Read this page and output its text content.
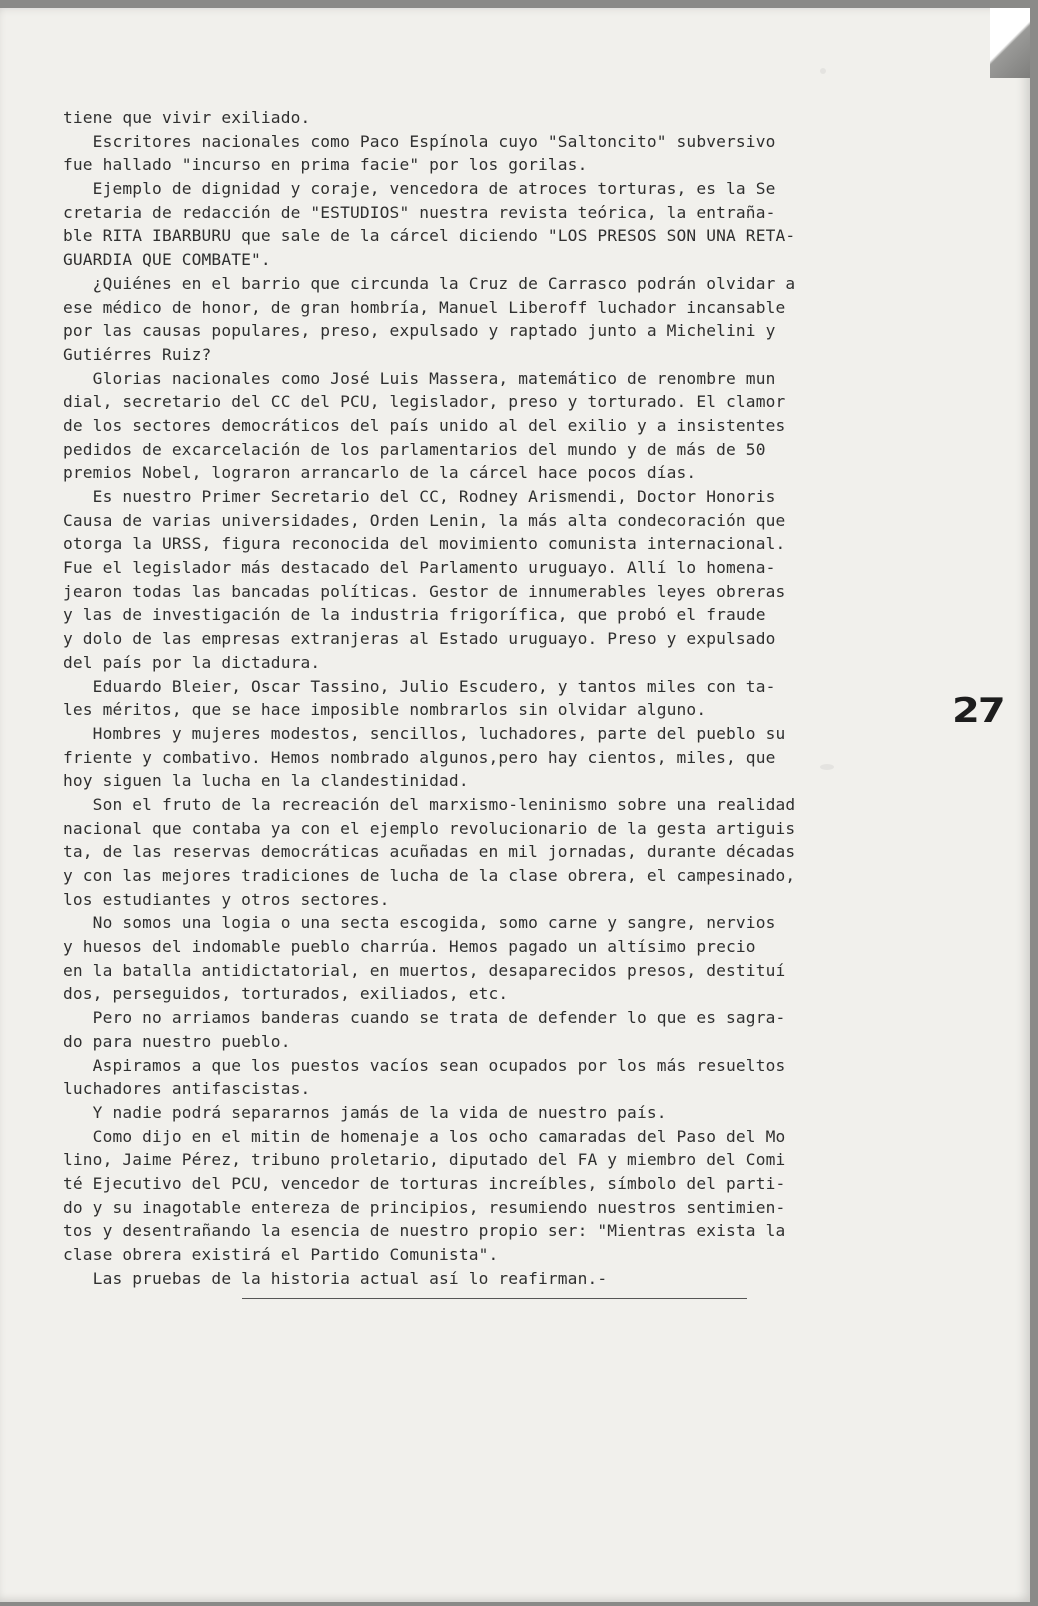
tiene que vivir exiliado.
Escritores nacionales como Paco Espínola cuyo "Saltoncito" subversivo
fue hallado "incurso en prima facie" por los gorilas.
Ejemplo de dignidad y coraje, vencedora de atroces torturas, es la Se
cretaria de redacción de "ESTUDIOS" nuestra revista teórica, la entraña-
ble RITA IBARBURU que sale de la cárcel diciendo "LOS PRESOS SON UNA RETA-
GUARDIA QUE COMBATE".
¿Quiénes en el barrio que circunda la Cruz de Carrasco podrán olvidar a
ese médico de honor, de gran hombría, Manuel Liberoff luchador incansable
por las causas populares, preso, expulsado y raptado junto a Michelini y
Gutiérres Ruiz?
Glorias nacionales como José Luis Massera, matemático de renombre mun
dial, secretario del CC del PCU, legislador, preso y torturado. El clamor
de los sectores democráticos del país unido al del exilio y a insistentes
pedidos de excarcelación de los parlamentarios del mundo y de más de 50
premios Nobel, lograron arrancarlo de la cárcel hace pocos días.
Es nuestro Primer Secretario del CC, Rodney Arismendi, Doctor Honoris
Causa de varias universidades, Orden Lenin, la más alta condecoración que
otorga la URSS, figura reconocida del movimiento comunista internacional.
Fue el legislador más destacado del Parlamento uruguayo. Allí lo homena-
jearon todas las bancadas políticas. Gestor de innumerables leyes obreras
y las de investigación de la industria frigorífica, que probó el fraude
y dolo de las empresas extranjeras al Estado uruguayo. Preso y expulsado
del país por la dictadura.
Eduardo Bleier, Oscar Tassino, Julio Escudero, y tantos miles con ta-
les méritos, que se hace imposible nombrarlos sin olvidar alguno.
Hombres y mujeres modestos, sencillos, luchadores, parte del pueblo su
friente y combativo. Hemos nombrado algunos,pero hay cientos, miles, que
hoy siguen la lucha en la clandestinidad.
Son el fruto de la recreación del marxismo-leninismo sobre una realidad
nacional que contaba ya con el ejemplo revolucionario de la gesta artiguis
ta, de las reservas democráticas acuñadas en mil jornadas, durante décadas
y con las mejores tradiciones de lucha de la clase obrera, el campesinado,
los estudiantes y otros sectores.
No somos una logia o una secta escogida, somo carne y sangre, nervios
y huesos del indomable pueblo charrúa. Hemos pagado un altísimo precio
en la batalla antidictatorial, en muertos, desaparecidos presos, destituí
dos, perseguidos, torturados, exiliados, etc.
Pero no arriamos banderas cuando se trata de defender lo que es sagra-
do para nuestro pueblo.
Aspiramos a que los puestos vacíos sean ocupados por los más resueltos
luchadores antifascistas.
Y nadie podrá separarnos jamás de la vida de nuestro país.
Como dijo en el mitin de homenaje a los ocho camaradas del Paso del Mo
lino, Jaime Pérez, tribuno proletario, diputado del FA y miembro del Comi
té Ejecutivo del PCU, vencedor de torturas increíbles, símbolo del parti-
do y su inagotable entereza de principios, resumiendo nuestros sentimien-
tos y desentrañando la esencia de nuestro propio ser: "Mientras exista la
clase obrera existirá el Partido Comunista".
Las pruebas de la historia actual así lo reafirman.-
27
